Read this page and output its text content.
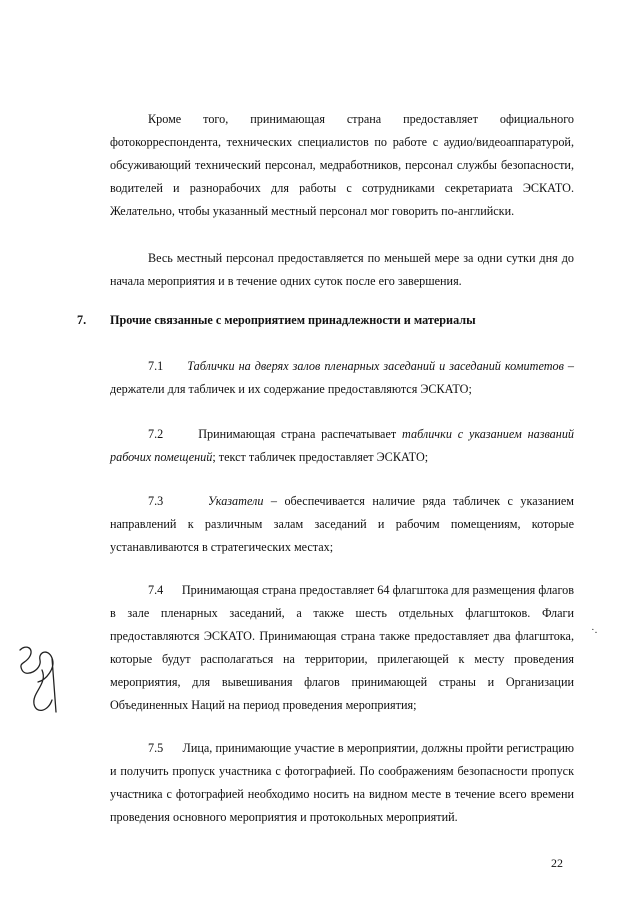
Кроме того, принимающая страна предоставляет официального фотокорреспондента, технических специалистов по работе с аудио/видеоаппаратурой, обсуживающий технический персонал, медработников, персонал службы безопасности, водителей и разнорабочих для работы с сотрудниками секретариата ЭСКАТО. Желательно, чтобы указанный местный персонал мог говорить по-английски.

Весь местный персонал предоставляется по меньшей мере за одни сутки дня до начала мероприятия и в течение одних суток после его завершения.

7. Прочие связанные с мероприятием принадлежности и материалы

7.1 Таблички на дверях залов пленарных заседаний и заседаний комитетов – держатели для табличек и их содержание предоставляются ЭСКАТО;

7.2	Принимающая страна распечатывает таблички с указанием названий рабочих помещений; текст табличек предоставляет ЭСКАТО;

7.3	Указатели – обеспечивается наличие ряда табличек с указанием направлений к различным залам заседаний и рабочим помещениям, которые устанавливаются в стратегических местах;

7.4 Принимающая страна предоставляет 64 флагштока для размещения флагов в зале пленарных заседаний, а также шесть отдельных флагштоков. Флаги предоставляются ЭСКАТО. Принимающая страна также предоставляет два флагштока, которые будут располагаться на территории, прилегающей к месту проведения мероприятия, для вывешивания флагов принимающей страны и Организации Объединенных Наций на период проведения мероприятия;

7.5 Лица, принимающие участие в мероприятии, должны пройти регистрацию и получить пропуск участника с фотографией. По соображениям безопасности пропуск участника с фотографией необходимо носить на видном месте в течение всего времени проведения основного мероприятия и протокольных мероприятий.

·.
22
